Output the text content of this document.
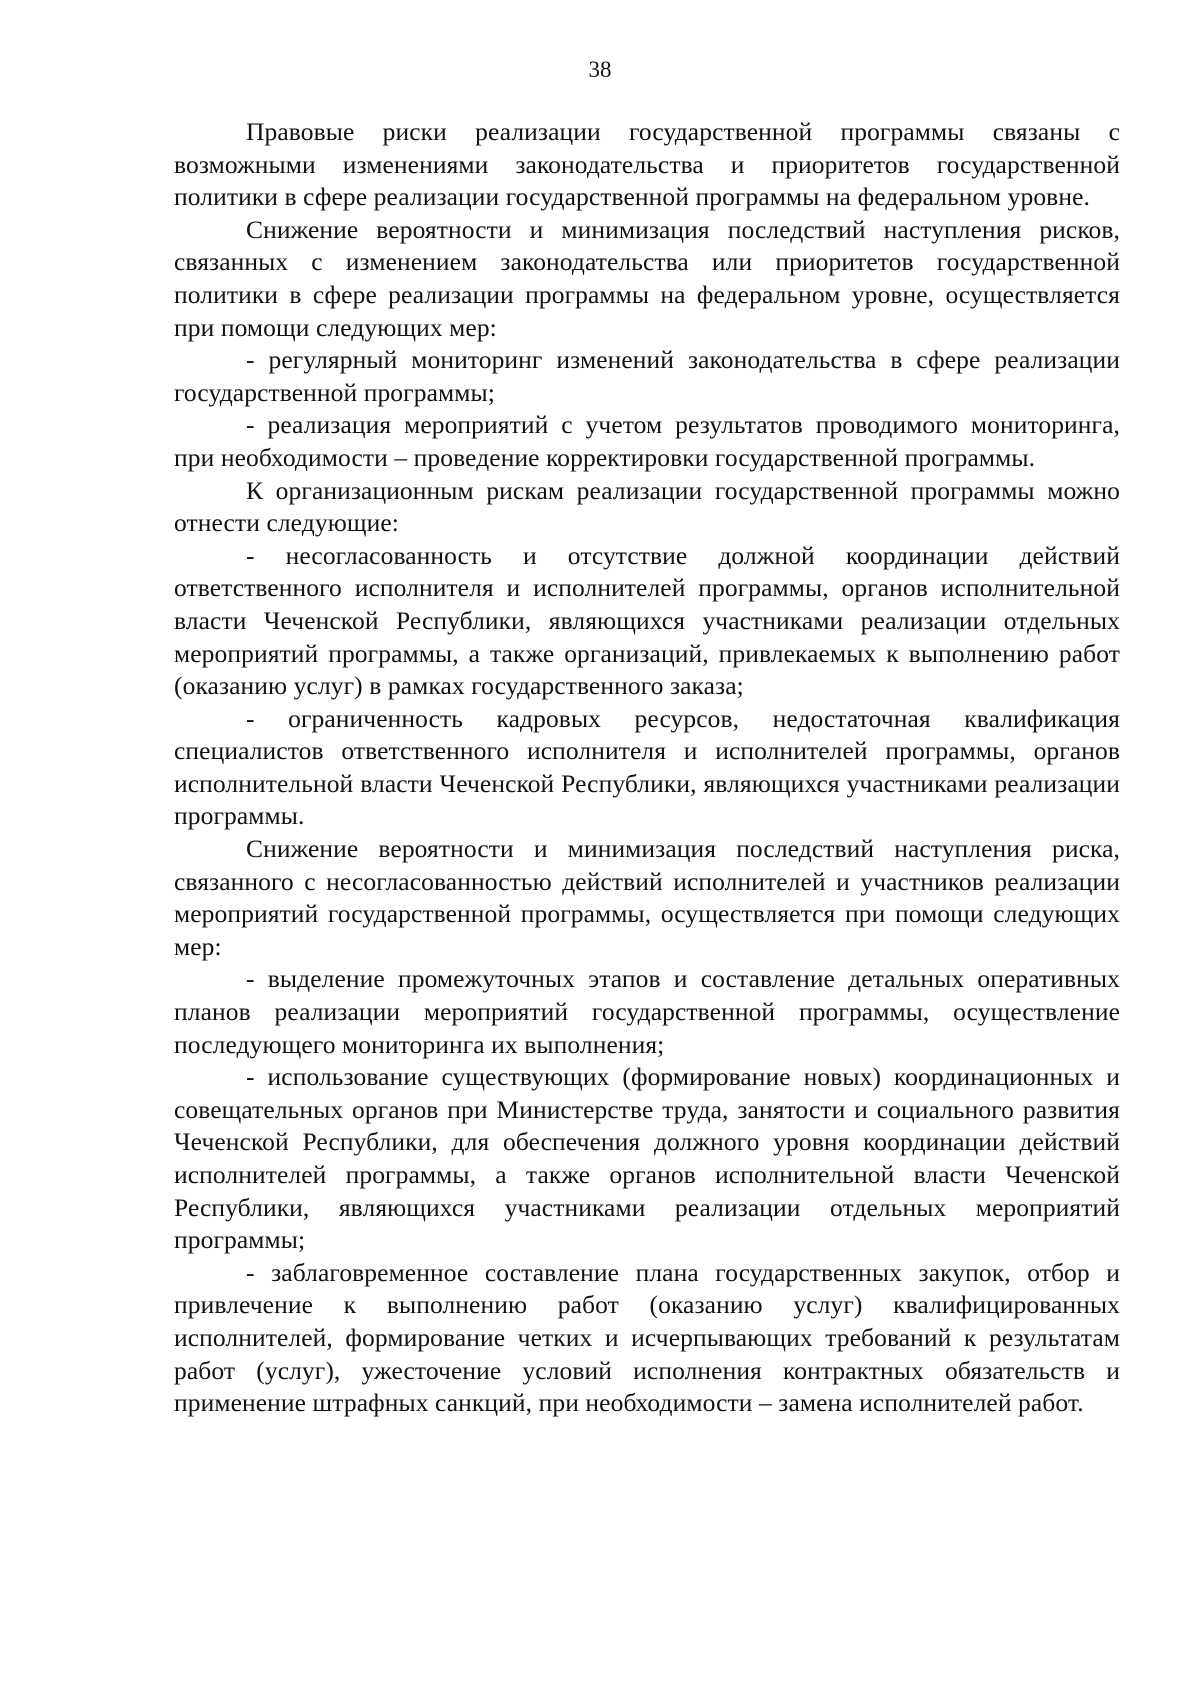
38

Правовые риски реализации государственной программы связаны с возможными изменениями законодательства и приоритетов государственной политики в сфере реализации государственной программы на федеральном уровне.

Снижение вероятности и минимизация последствий наступления рисков, связанных с изменением законодательства или приоритетов государственной политики в сфере реализации программы на федеральном уровне, осуществляется при помощи следующих мер:

- регулярный мониторинг изменений законодательства в сфере реализации государственной программы;

- реализация мероприятий с учетом результатов проводимого мониторинга, при необходимости – проведение корректировки государственной программы.

К организационным рискам реализации государственной программы можно отнести следующие:

- несогласованность и отсутствие должной координации действий ответственного исполнителя и исполнителей программы, органов исполнительной власти Чеченской Республики, являющихся участниками реализации отдельных мероприятий программы, а также организаций, привлекаемых к выполнению работ (оказанию услуг) в рамках государственного заказа;

- ограниченность кадровых ресурсов, недостаточная квалификация специалистов ответственного исполнителя и исполнителей программы, органов исполнительной власти Чеченской Республики, являющихся участниками реализации программы.

Снижение вероятности и минимизация последствий наступления риска, связанного с несогласованностью действий исполнителей и участников реализации мероприятий государственной программы, осуществляется при помощи следующих мер:

- выделение промежуточных этапов и составление детальных оперативных планов реализации мероприятий государственной программы, осуществление последующего мониторинга их выполнения;

- использование существующих (формирование новых) координационных и совещательных органов при Министерстве труда, занятости и социального развития Чеченской Республики, для обеспечения должного уровня координации действий исполнителей программы, а также органов исполнительной власти Чеченской Республики, являющихся участниками реализации отдельных мероприятий программы;

- заблаговременное составление плана государственных закупок, отбор и привлечение к выполнению работ (оказанию услуг) квалифицированных исполнителей, формирование четких и исчерпывающих требований к результатам работ (услуг), ужесточение условий исполнения контрактных обязательств и применение штрафных санкций, при необходимости – замена исполнителей работ.
